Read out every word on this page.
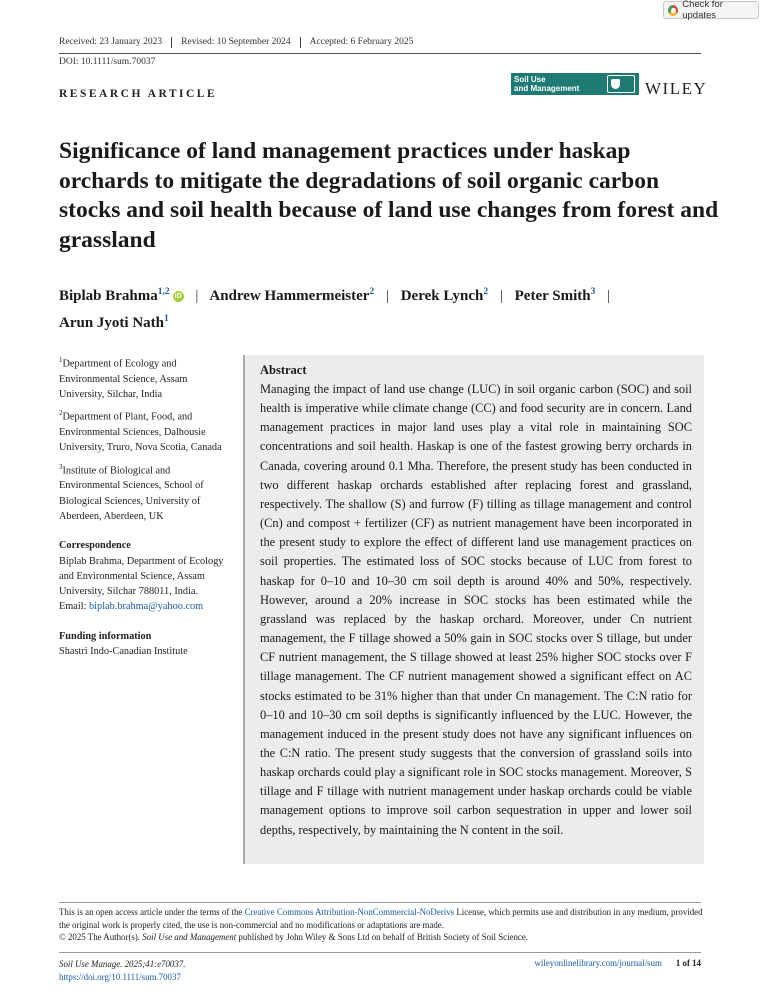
Check for updates
Received: 23 January 2023	Revised: 10 September 2024	Accepted: 6 February 2025
DOI: 10.1111/sum.70037
RESEARCH ARTICLE
Soil Use
and Management	WILEY
Significance of land management practices under haskap orchards to mitigate the degradations of soil organic carbon stocks and soil health because of land use changes from forest and grassland
Biplab Brahma$^{1,2}$ iD | Andrew Hammermeister$^2$ | Derek Lynch$^2$ | Peter Smith$^3$ |
Arun Jyoti Nath$^1$

$^1$Department of Ecology and Environmental Science, Assam University, Silchar, India

$^2$Department of Plant, Food, and Environmental Sciences, Dalhousie University, Truro, Nova Scotia, Canada

$^3$Institute of Biological and Environmental Sciences, School of Biological Sciences, University of Aberdeen, Aberdeen, UK

Correspondence
Biplab Brahma, Department of Ecology and Environmental Science, Assam University, Silchar 788011, India.
Email: biplab.brahma@yahoo.com
Funding information
Shastri Indo-Canadian Institute

Abstract

Managing the impact of land use change (LUC) in soil organic carbon (SOC) and soil health is imperative while climate change (CC) and food security are in concern. Land management practices in major land uses play a vital role in maintaining SOC concentrations and soil health. Haskap is one of the fastest growing berry orchards in Canada, covering around 0.1 Mha. Therefore, the present study has been conducted in two different haskap orchards established after replacing forest and grassland, respectively. The shallow (S) and furrow (F) tilling as tillage management and control (Cn) and compost + fertilizer (CF) as nutrient management have been incorporated in the present study to explore the effect of different land use management practices on soil properties. The estimated loss of SOC stocks because of LUC from forest to haskap for 0–10 and 10–30 cm soil depth is around 40% and 50%, respectively. However, around a 20% increase in SOC stocks has been estimated while the grassland was replaced by the haskap orchard. Moreover, under Cn nutrient management, the F tillage showed a 50% gain in SOC stocks over S tillage, but under CF nutrient management, the S tillage showed at least 25% higher SOC stocks over F tillage management. The CF nutrient management showed a significant effect on AC stocks estimated to be 31% higher than that under Cn management. The C:N ratio for 0–10 and 10–30 cm soil depths is significantly influenced by the LUC. However, the management induced in the present study does not have any significant influences on the C:N ratio. The present study suggests that the conversion of grassland soils into haskap orchards could play a significant role in SOC stocks management. Moreover, S tillage and F tillage with nutrient management under haskap orchards could be viable management options to improve soil carbon sequestration in upper and lower soil depths, respectively, by maintaining the N content in the soil.

This is an open access article under the terms of the Creative Commons Attribution-NonCommercial-NoDerivs License, which permits use and distribution in any medium, provided the original work is properly cited, the use is non-commercial and no modifications or adaptations are made.
© 2025 The Author(s). Soil Use and Management published by John Wiley & Sons Ltd on behalf of British Society of Soil Science.
Soil Use Manage. 2025;41:e70037.
https://doi.org/10.1111/sum.70037
wileyonlinelibrary.com/journal/sum 1 of 14
